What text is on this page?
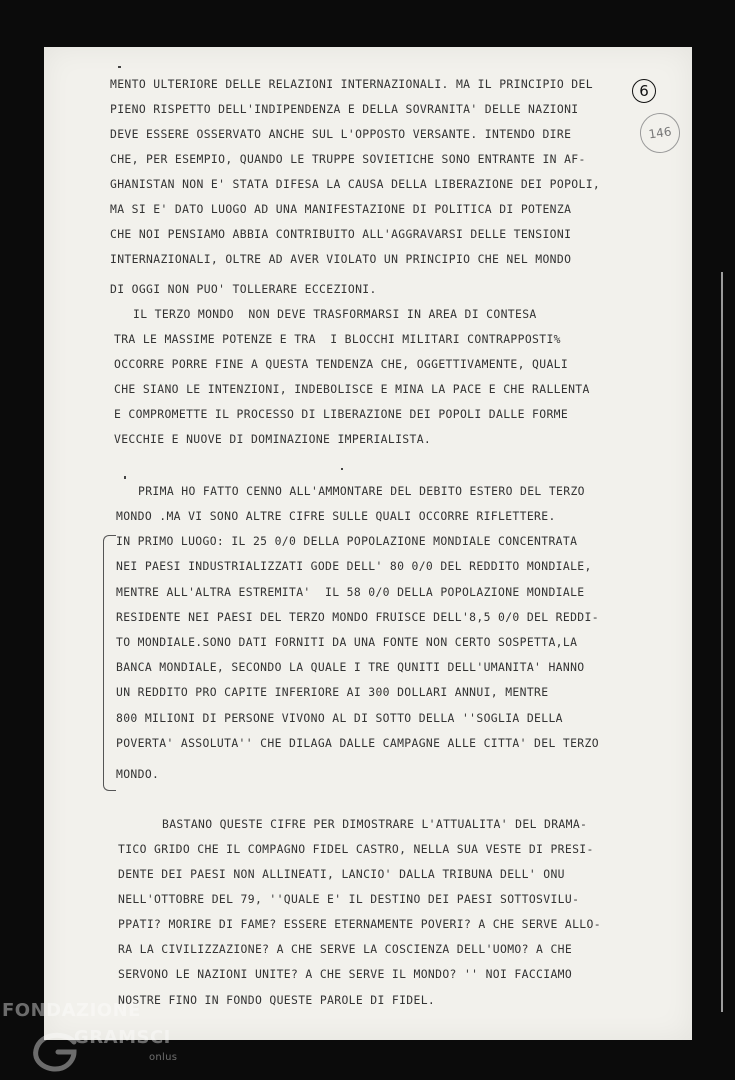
6
146
MENTO ULTERIORE DELLE RELAZIONI INTERNAZIONALI. MA IL PRINCIPIO DEL
PIENO RISPETTO DELL'INDIPENDENZA E DELLA SOVRANITA' DELLE NAZIONI
DEVE ESSERE OSSERVATO ANCHE SUL L'OPPOSTO VERSANTE. INTENDO DIRE
CHE, PER ESEMPIO, QUANDO LE TRUPPE SOVIETICHE SONO ENTRANTE IN AF-
GHANISTAN NON E' STATA DIFESA LA CAUSA DELLA LIBERAZIONE DEI POPOLI,
MA SI E' DATO LUOGO AD UNA MANIFESTAZIONE DI POLITICA DI POTENZA
CHE NOI PENSIAMO ABBIA CONTRIBUITO ALL'AGGRAVARSI DELLE TENSIONI
INTERNAZIONALI, OLTRE AD AVER VIOLATO UN PRINCIPIO CHE NEL MONDO
DI OGGI NON PUO' TOLLERARE ECCEZIONI.
IL TERZO MONDO  NON DEVE TRASFORMARSI IN AREA DI CONTESA
TRA LE MASSIME POTENZE E TRA  I BLOCCHI MILITARI CONTRAPPOSTI%
OCCORRE PORRE FINE A QUESTA TENDENZA CHE, OGGETTIVAMENTE, QUALI
CHE SIANO LE INTENZIONI, INDEBOLISCE E MINA LA PACE E CHE RALLENTA
E COMPROMETTE IL PROCESSO DI LIBERAZIONE DEI POPOLI DALLE FORME
VECCHIE E NUOVE DI DOMINAZIONE IMPERIALISTA.
PRIMA HO FATTO CENNO ALL'AMMONTARE DEL DEBITO ESTERO DEL TERZO
MONDO .MA VI SONO ALTRE CIFRE SULLE QUALI OCCORRE RIFLETTERE.
IN PRIMO LUOGO: IL 25 0/0 DELLA POPOLAZIONE MONDIALE CONCENTRATA
NEI PAESI INDUSTRIALIZZATI GODE DELL' 80 0/0 DEL REDDITO MONDIALE,
MENTRE ALL'ALTRA ESTREMITA'  IL 58 0/0 DELLA POPOLAZIONE MONDIALE
RESIDENTE NEI PAESI DEL TERZO MONDO FRUISCE DELL'8,5 0/0 DEL REDDI-
TO MONDIALE.SONO DATI FORNITI DA UNA FONTE NON CERTO SOSPETTA,LA
BANCA MONDIALE, SECONDO LA QUALE I TRE QUNITI DELL'UMANITA' HANNO
UN REDDITO PRO CAPITE INFERIORE AI 300 DOLLARI ANNUI, MENTRE
800 MILIONI DI PERSONE VIVONO AL DI SOTTO DELLA ''SOGLIA DELLA
POVERTA' ASSOLUTA'' CHE DILAGA DALLE CAMPAGNE ALLE CITTA' DEL TERZO
MONDO.
BASTANO QUESTE CIFRE PER DIMOSTRARE L'ATTUALITA' DEL DRAMA-
TICO GRIDO CHE IL COMPAGNO FIDEL CASTRO, NELLA SUA VESTE DI PRESI-
DENTE DEI PAESI NON ALLINEATI, LANCIO' DALLA TRIBUNA DELL' ONU
NELL'OTTOBRE DEL 79, ''QUALE E' IL DESTINO DEI PAESI SOTTOSVILU-
PPATI? MORIRE DI FAME? ESSERE ETERNAMENTE POVERI? A CHE SERVE ALLO-
RA LA CIVILIZZAZIONE? A CHE SERVE LA COSCIENZA DELL'UOMO? A CHE
SERVONO LE NAZIONI UNITE? A CHE SERVE IL MONDO? '' NOI FACCIAMO
NOSTRE FINO IN FONDO QUESTE PAROLE DI FIDEL.
FONDAZIONE
GRAMSCI
onlus
